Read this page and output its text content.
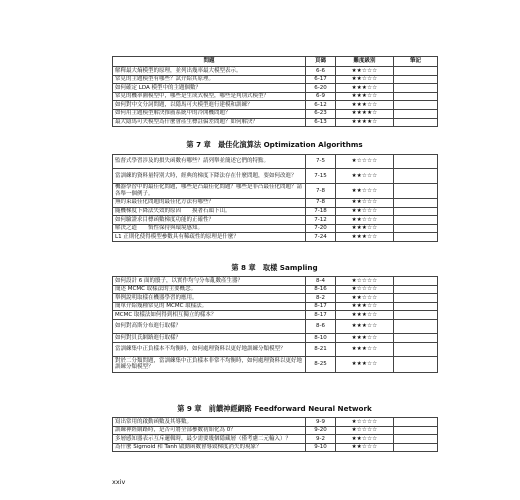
問題	頁碼	難度級別	筆記
解釋最大熵模型的原理，並列出幾率最大模型表示。	6-6	★★☆☆☆	
常見的主題模型有哪些？試介紹其原理。	6-17	★★☆☆☆	
如何確定 LDA 模型中的主題個數？	6-20	★★★☆☆	
常見的機率圖模型中，哪些是生成式模型，哪些是判別式模型？	6-9	★★★☆☆	
如何對中文分詞問題，以隱馬可夫模型進行建模和訓練？	6-12	★★★☆☆	
如何用主題模型解決推薦系統中的冷開機問題？	6-23	★★★★☆	
最大隱馬可夫模型為什麼會產生標註偏差問題？如何解決？	6-13	★★★★☆	
第 7 章　最佳化演算法 Optimization Algorithms
監督式學習涉及的損失函數有哪些？請列舉並簡述它們的特點。	7-5	★☆☆☆☆	
當訓練的資料量特別大時，經典的梯度下降法存在什麼問題，要如何改進？	7-15	★★☆☆☆	
機器學習中的最佳化問題，哪些是凸最佳化問題？哪些是非凸最佳化問題？請各舉一個例子。	7-8	★★☆☆☆	
無約束最佳化問題的最佳化方法有哪些？	7-8	★★☆☆☆	
隨機梯度下降法失效的原因　　摸著石頭下山。	7-18	★★☆☆☆	
如何驗證求目標函數梯度功能的正確性？	7-12	★★☆☆☆	
解決之道　　慣性保持與環境感知。	7-20	★★★☆☆	
L1 正則化使得模型參數具有稀疏性的原理是什麼？	7-24	★★★☆☆	
第 8 章　取樣 Sampling
如何設計 6 面的骰子，以實作均勻分布亂數產生器？	8-4	★☆☆☆☆	
簡述 MCMC 取樣法的主要概念。	8-16	★☆☆☆☆	
舉例說明取樣在機器學習的應用。	8-2	★★☆☆☆	
簡單介紹幾種常見的 MCMC 取樣法。	8-17	★★★☆☆	
MCMC 取樣法如何得到相互獨立的樣本？	8-17	★★★☆☆	
如何對高斯分布進行取樣？	8-6	★★★☆☆	
如何對貝氏網路進行取樣？	8-10	★★★☆☆	
當訓練集中正負樣本不均衡時，如何處理資料以更好地訓練分類模型？	8-21	★★★☆☆	
對於二分類問題，當訓練集中正負樣本非常不均衡時，如何處理資料以更好地訓練分類模型？	8-25	★★★☆☆	
第 9 章　前饋神經網路 Feedforward Neural Network
寫出常用的啟動函數及其導數。	9-9	★☆☆☆☆	
訓練神經網路時，是否可將全部參數初始化為 0？	9-20	★☆☆☆☆	
多層感知器表示互斥邏輯時，最少需要幾個隱藏層（僅考慮二元輸入）？	9-2	★★☆☆☆	
為什麼 Sigmoid 和 Tanh 啟動函數會導致梯度消失的現象？	9-10	★★☆☆☆	
xxiv
